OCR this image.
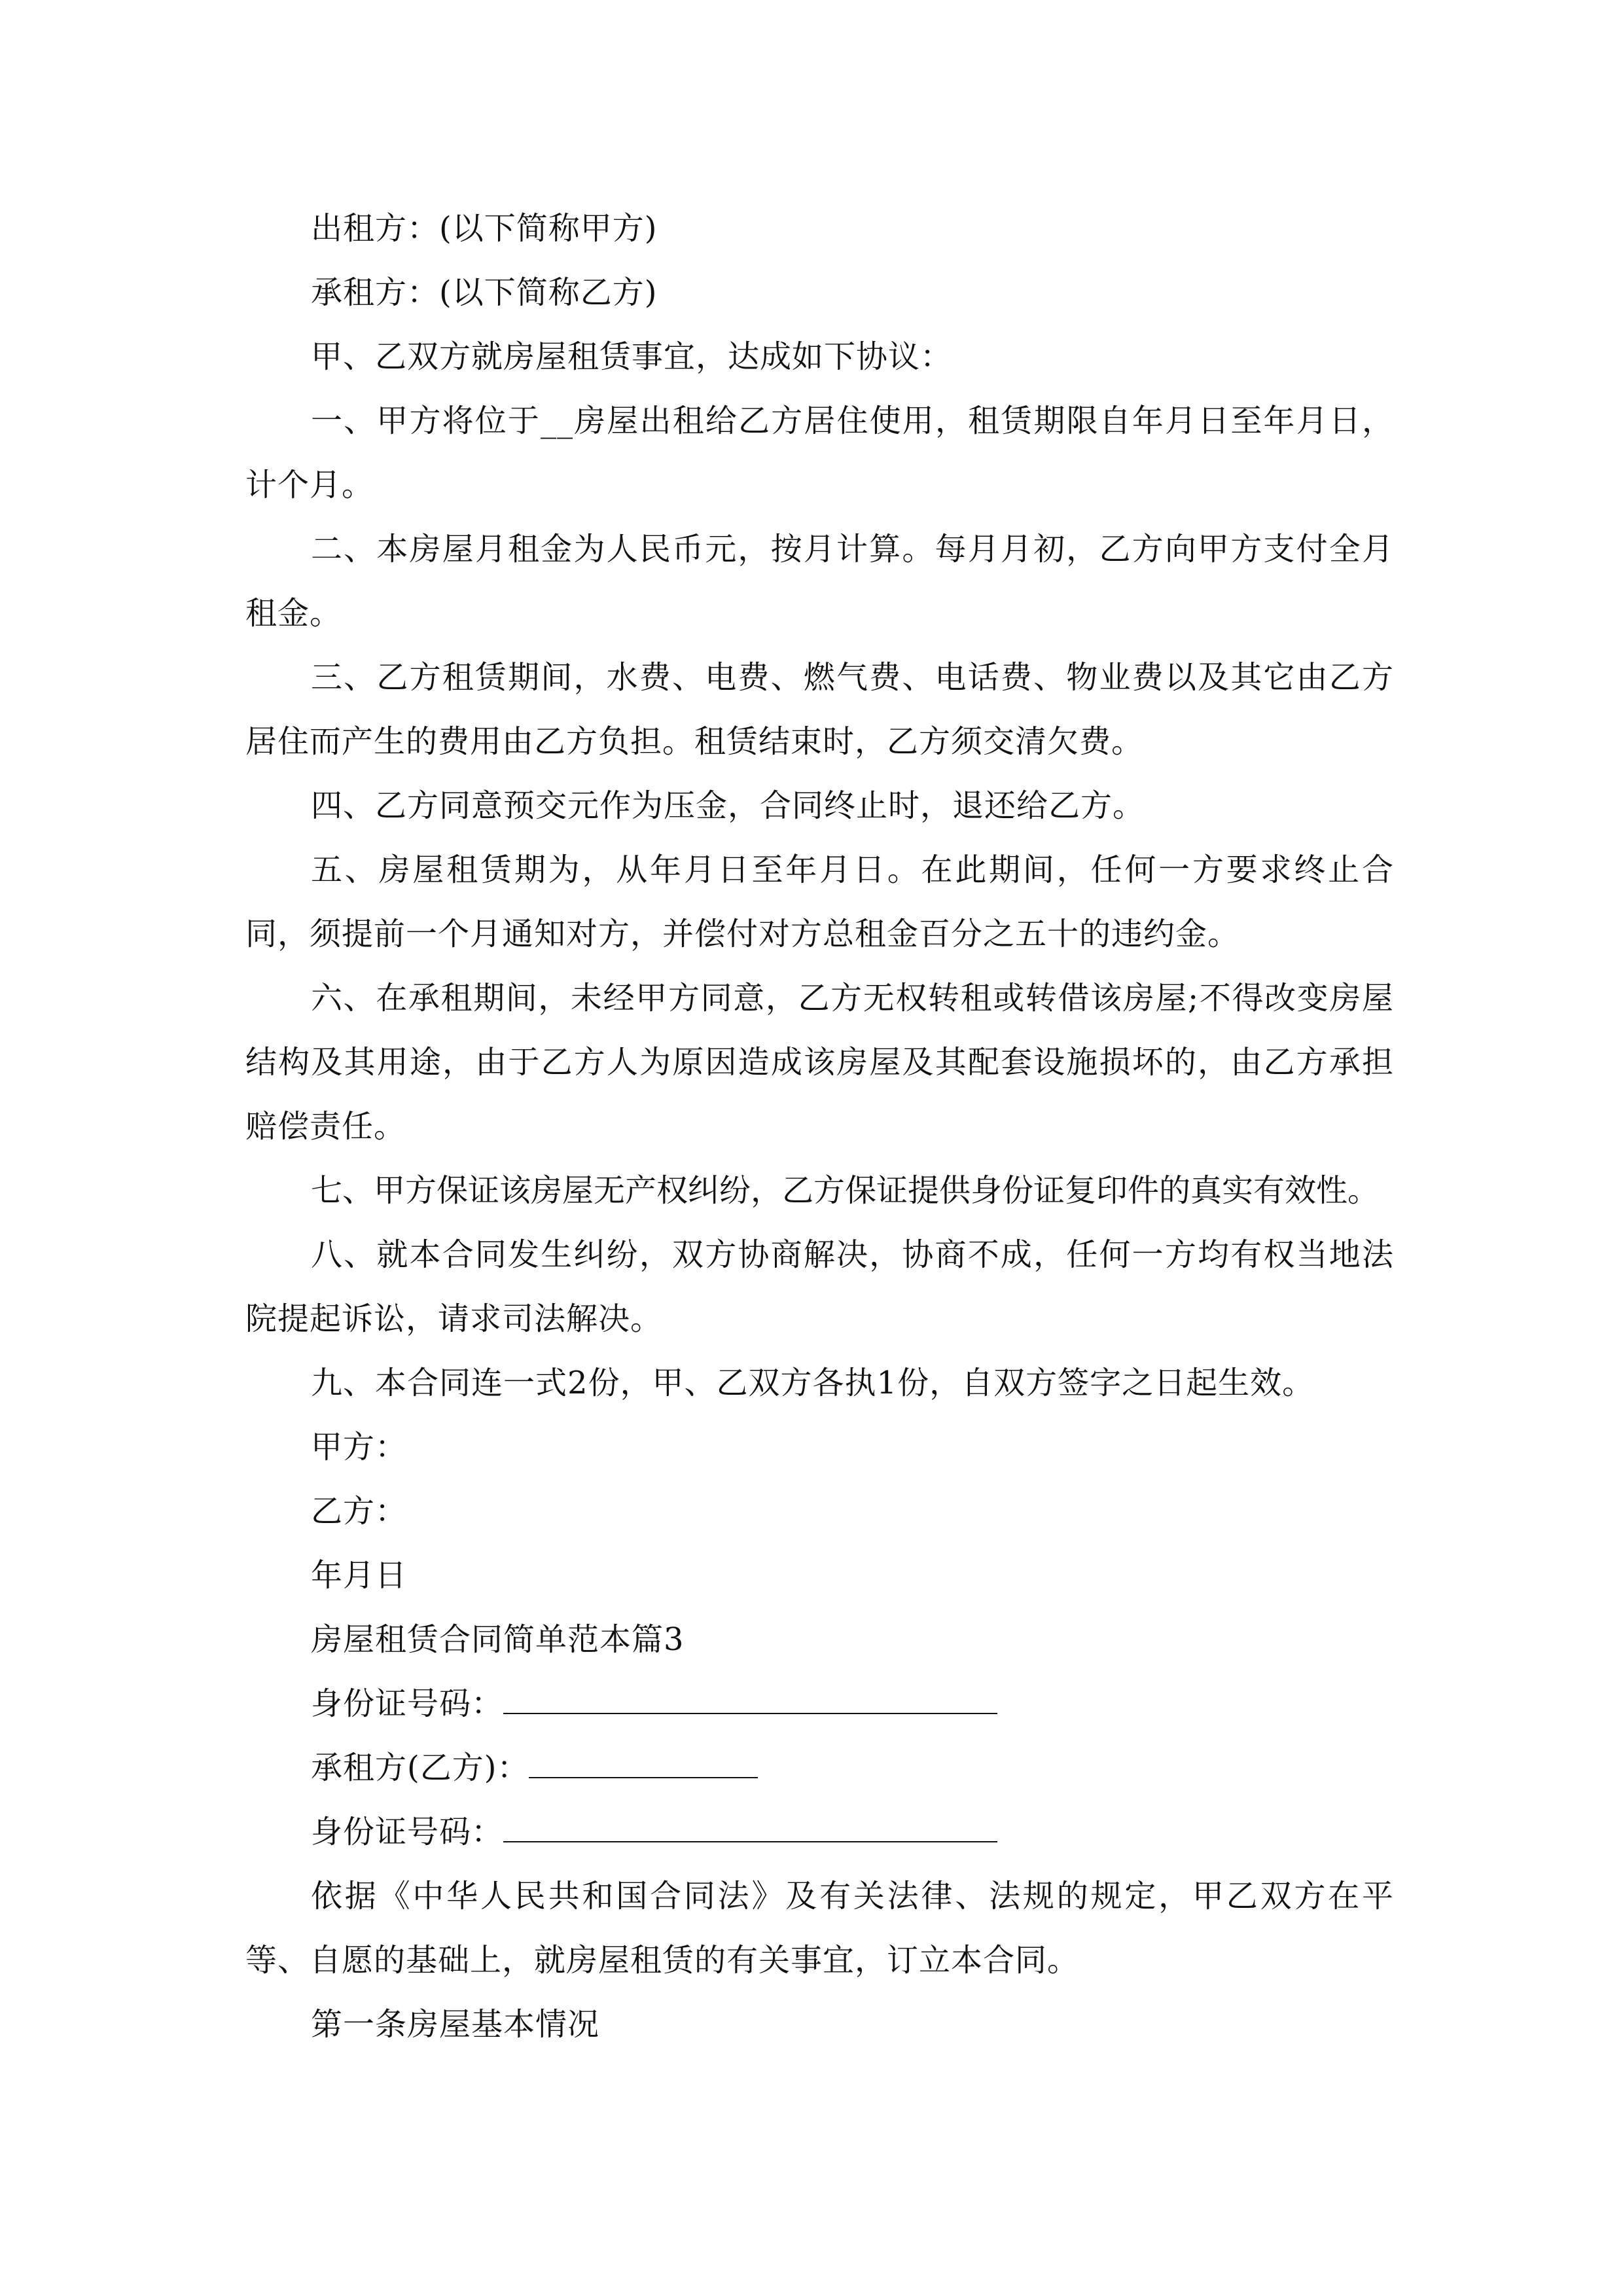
出租方：(以下简称甲方)

承租方：(以下简称乙方)

甲、乙双方就房屋租赁事宜，达成如下协议：

一、甲方将位于__房屋出租给乙方居住使用，租赁期限自年月日至年月日，计个月。

二、本房屋月租金为人民币元，按月计算。每月月初，乙方向甲方支付全月租金。

三、乙方租赁期间，水费、电费、燃气费、电话费、物业费以及其它由乙方居住而产生的费用由乙方负担。租赁结束时，乙方须交清欠费。

四、乙方同意预交元作为压金，合同终止时，退还给乙方。

五、房屋租赁期为，从年月日至年月日。在此期间，任何一方要求终止合同，须提前一个月通知对方，并偿付对方总租金百分之五十的违约金。

六、在承租期间，未经甲方同意，乙方无权转租或转借该房屋;不得改变房屋结构及其用途，由于乙方人为原因造成该房屋及其配套设施损坏的，由乙方承担赔偿责任。

七、甲方保证该房屋无产权纠纷，乙方保证提供身份证复印件的真实有效性。

八、就本合同发生纠纷，双方协商解决，协商不成，任何一方均有权当地法院提起诉讼，请求司法解决。

九、本合同连一式2份，甲、乙双方各执1份，自双方签字之日起生效。

甲方：

乙方：

年月日

房屋租赁合同简单范本篇3

身份证号码：

承租方(乙方)：

身份证号码：

依据《中华人民共和国合同法》及有关法律、法规的规定，甲乙双方在平等、自愿的基础上，就房屋租赁的有关事宜，订立本合同。

第一条房屋基本情况
